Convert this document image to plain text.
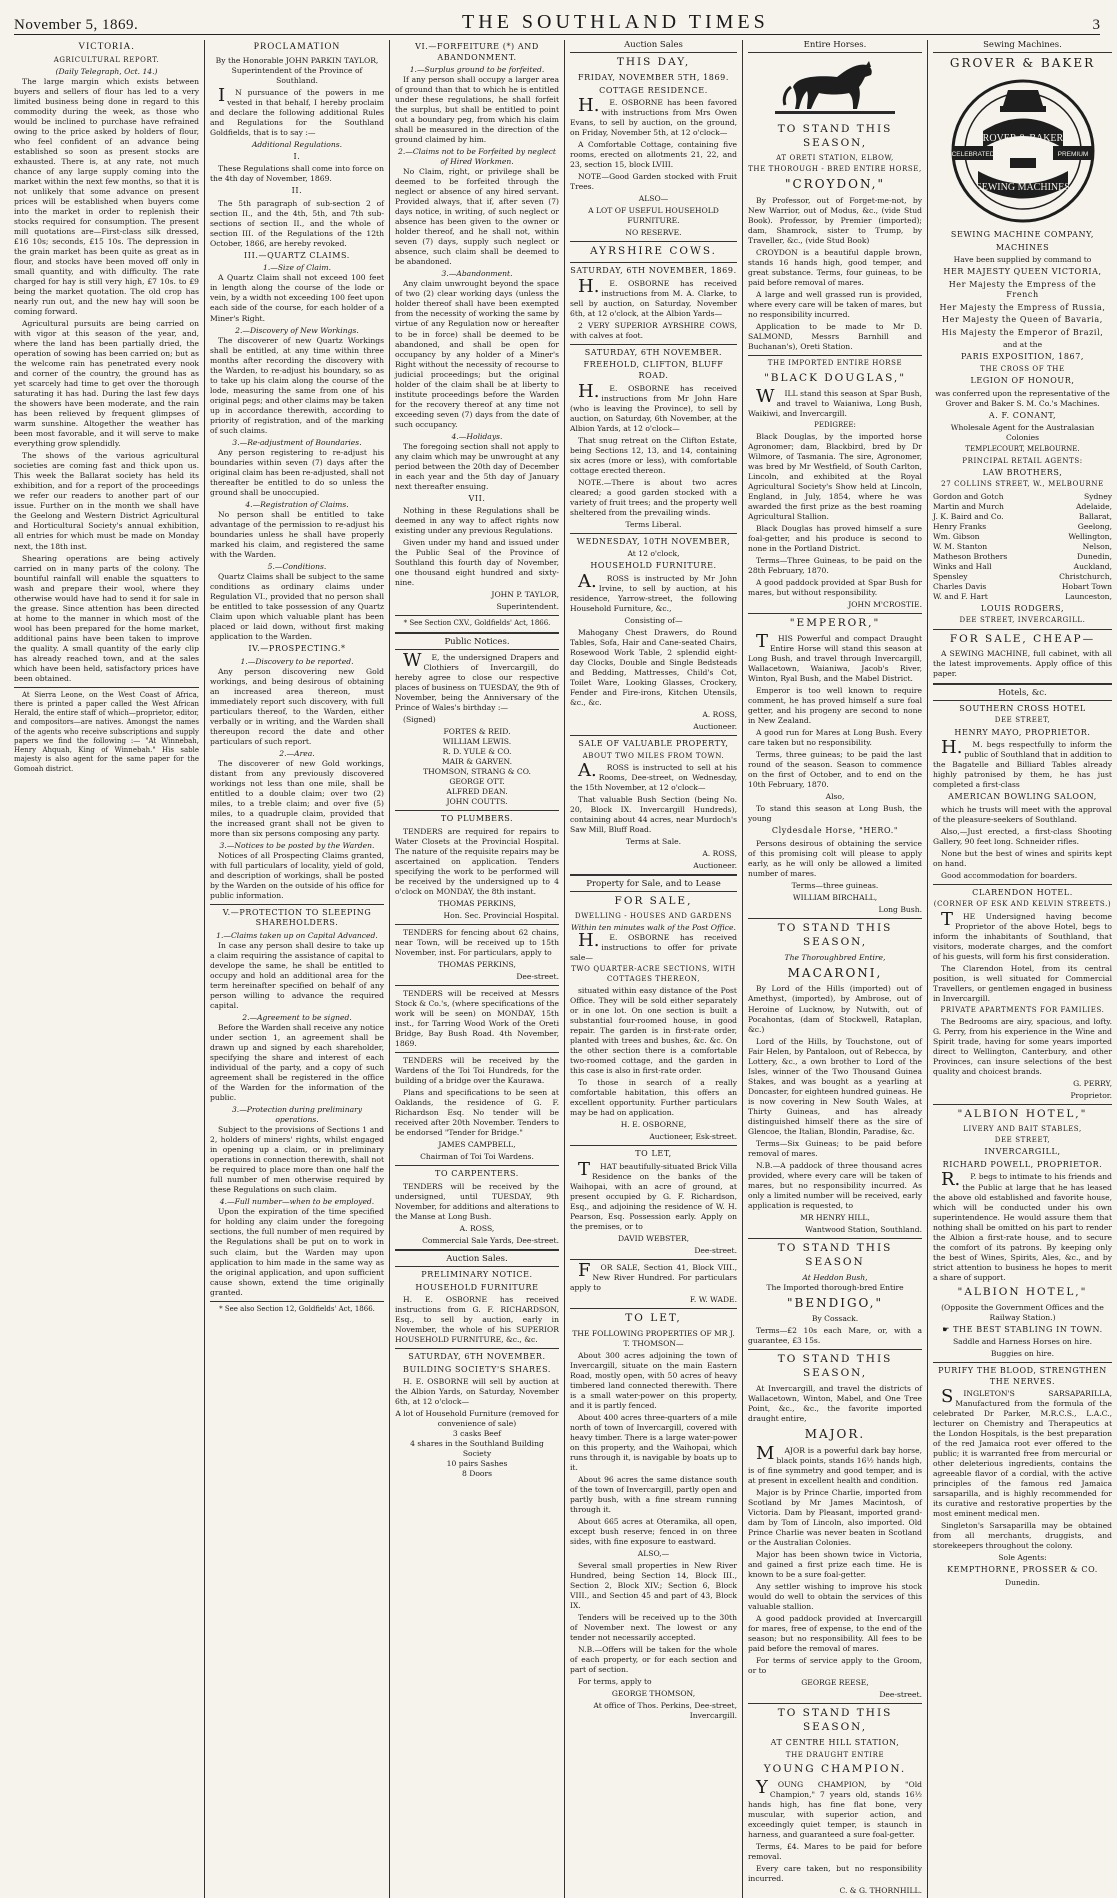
November 5, 1869.	THE SOUTHLAND TIMES	3
VICTORIA.
AGRICULTURAL REPORT.
(Daily Telegraph, Oct. 14.)

The large margin which exists between buyers and sellers of flour has led to a very limited business being done in regard to this commodity during the week, as those who would be inclined to purchase have refrained owing to the price asked by holders of flour, who feel confident of an advance being established so soon as present stocks are exhausted. There is, at any rate, not much chance of any large supply coming into the market within the next few months, so that it is not unlikely that some advance on present prices will be established when buyers come into the market in order to replenish their stocks required for consumption. The present mill quotations are—First-class silk dressed, £16 10s; seconds, £15 10s. The depression in the grain market has been quite as great as in flour, and stocks have been moved off only in small quantity, and with difficulty. The rate charged for hay is still very high, £7 10s. to £9 being the market quotation. The old crop has nearly run out, and the new hay will soon be coming forward.

Agricultural pursuits are being carried on with vigor at this season of the year, and, where the land has been partially dried, the operation of sowing has been carried on; but as the welcome rain has penetrated every nook and corner of the country, the ground has as yet scarcely had time to get over the thorough saturating it has had. During the last few days the showers have been moderate, and the rain has been relieved by frequent glimpses of warm sunshine. Altogether the weather has been most favorable, and it will serve to make everything grow splendidly.

The shows of the various agricultural societies are coming fast and thick upon us. This week the Ballarat society has held its exhibition, and for a report of the proceedings we refer our readers to another part of our issue. Further on in the month we shall have the Geelong and Western District Agricultural and Horticultural Society's annual exhibition, all entries for which must be made on Monday next, the 18th inst.

Shearing operations are being actively carried on in many parts of the colony. The bountiful rainfall will enable the squatters to wash and prepare their wool, where they otherwise would have had to send it for sale in the grease. Since attention has been directed at home to the manner in which most of the wool has been prepared for the home market, additional pains have been taken to improve the quality. A small quantity of the early clip has already reached town, and at the sales which have been held, satisfactory prices have been obtained.

At Sierra Leone, on the West Coast of Africa, there is printed a paper called the West African Herald, the entire staff of which—proprietor, editor, and compositors—are natives. Amongst the names of the agents who receive subscriptions and supply papers we find the following :— "At Winnebah, Henry Ahquah, King of Winnebah." His sable majesty is also agent for the same paper for the Gomoah district.

PROCLAMATION

By the Honorable JOHN PARKIN TAYLOR, Superintendent of the Province of Southland.

IN pursuance of the powers in me vested in that behalf, I hereby proclaim and declare the following additional Rules and Regulations for the Southland Goldfields, that is to say :—

Additional Regulations.
I.

These Regulations shall come into force on the 4th day of November, 1869.

II.

The 5th paragraph of sub-section 2 of section II., and the 4th, 5th, and 7th sub-sections of section II., and the whole of section III. of the Regulations of the 12th October, 1866, are hereby revoked.

III.—QUARTZ CLAIMS.
1.—Size of Claim.

A Quartz Claim shall not exceed 100 feet in length along the course of the lode or vein, by a width not exceeding 100 feet upon each side of the course, for each holder of a Miner's Right.

2.—Discovery of New Workings.

The discoverer of new Quartz Workings shall be entitled, at any time within three months after recording the discovery with the Warden, to re-adjust his boundary, so as to take up his claim along the course of the lode, measuring the same from one of his original pegs; and other claims may be taken up in accordance therewith, according to priority of registration, and of the marking of such claims.

3.—Re-adjustment of Boundaries.

Any person registering to re-adjust his boundaries within seven (7) days after the original claim has been re-adjusted, shall not thereafter be entitled to do so unless the ground shall be unoccupied.

4.—Registration of Claims.

No person shall be entitled to take advantage of the permission to re-adjust his boundaries unless he shall have properly marked his claim, and registered the same with the Warden.

5.—Conditions.

Quartz Claims shall be subject to the same conditions as ordinary claims under Regulation VI., provided that no person shall be entitled to take possession of any Quartz Claim upon which valuable plant has been placed or laid down, without first making application to the Warden.

IV.—PROSPECTING.*
1.—Discovery to be reported.

Any person discovering new Gold workings, and being desirous of obtaining an increased area thereon, must immediately report such discovery, with full particulars thereof, to the Warden, either verbally or in writing, and the Warden shall thereupon record the date and other particulars of such report.

2.—Area.

The discoverer of new Gold workings, distant from any previously discovered workings not less than one mile, shall be entitled to a double claim; over two (2) miles, to a treble claim; and over five (5) miles, to a quadruple claim, provided that the increased grant shall not be given to more than six persons composing any party.

3.—Notices to be posted by the Warden.

Notices of all Prospecting Claims granted, with full particulars of locality, yield of gold, and description of workings, shall be posted by the Warden on the outside of his office for public information.

V.—PROTECTION TO SLEEPING SHAREHOLDERS.
1.—Claims taken up on Capital Advanced.

In case any person shall desire to take up a claim requiring the assistance of capital to develope the same, he shall be entitled to occupy and hold an additional area for the term hereinafter specified on behalf of any person willing to advance the required capital.

2.—Agreement to be signed.

Before the Warden shall receive any notice under section 1, an agreement shall be drawn up and signed by each shareholder, specifying the share and interest of each individual of the party, and a copy of such agreement shall be registered in the office of the Warden for the information of the public.

3.—Protection during preliminary operations.

Subject to the provisions of Sections 1 and 2, holders of miners' rights, whilst engaged in opening up a claim, or in preliminary operations in connection therewith, shall not be required to place more than one half the full number of men otherwise required by these Regulations on such claim.

4.—Full number—when to be employed.

Upon the expiration of the time specified for holding any claim under the foregoing sections, the full number of men required by the Regulations shall be put on to work in such claim, but the Warden may upon application to him made in the same way as the original application, and upon sufficient cause shown, extend the time originally granted.

* See also Section 12, Goldfields' Act, 1866.

VI.—FORFEITURE (*) AND ABANDONMENT.
1.—Surplus ground to be forfeited.

If any person shall occupy a larger area of ground than that to which he is entitled under these regulations, he shall forfeit the surplus, but shall be entitled to point out a boundary peg, from which his claim shall be measured in the direction of the ground claimed by him.

2.—Claims not to be Forfeited by neglect of Hired Workmen.

No Claim, right, or privilege shall be deemed to be forfeited through the neglect or absence of any hired servant. Provided always, that if, after seven (7) days notice, in writing, of such neglect or absence has been given to the owner or holder thereof, and he shall not, within seven (7) days, supply such neglect or absence, such claim shall be deemed to be abandoned.

3.—Abandonment.

Any claim unwrought beyond the space of two (2) clear working days (unless the holder thereof shall have been exempted from the necessity of working the same by virtue of any Regulation now or hereafter to be in force) shall be deemed to be abandoned, and shall be open for occupancy by any holder of a Miner's Right without the necessity of recourse to judicial proceedings; but the original holder of the claim shall be at liberty to institute proceedings before the Warden for the recovery thereof at any time not exceeding seven (7) days from the date of such occupancy.

4.—Holidays.

The foregoing section shall not apply to any claim which may be unwrought at any period between the 20th day of December in each year and the 5th day of January next thereafter ensuing.

VII.

Nothing in these Regulations shall be deemed in any way to affect rights now existing under any previous Regulations.

Given under my hand and issued under the Public Seal of the Province of Southland this fourth day of November, one thousand eight hundred and sixty-nine.

JOHN P. TAYLOR,

Superintendent.

* See Section CXV., Goldfields' Act, 1866.

Public Notices.

WE, the undersigned Drapers and Clothiers of Invercargill, do hereby agree to close our respective places of business on TUESDAY, the 9th of November, being the Anniversary of the Prince of Wales's birthday :—

(Signed)

FORTES & REID.
WILLIAM LEWIS.
R. D. YULE & CO.
MAIR & GARVEN.
THOMSON, STRANG & CO.
GEORGE OTT.
ALFRED DEAN.
JOHN COUTTS.
TO PLUMBERS.

TENDERS are required for repairs to Water Closets at the Provincial Hospital. The nature of the requisite repairs may be ascertained on application. Tenders specifying the work to be performed will be received by the undersigned up to 4 o'clock on MONDAY, the 8th instant.

THOMAS PERKINS,

Hon. Sec. Provincial Hospital.

TENDERS for fencing about 62 chains, near Town, will be received up to 15th November, inst. For particulars, apply to

THOMAS PERKINS,

Dee-street.

TENDERS will be received at Messrs Stock & Co.'s, (where specifications of the work will be seen) on MONDAY, 15th inst., for Tarring Wood Work of the Oreti Bridge, Bay Bush Road. 4th November, 1869.

TENDERS will be received by the Wardens of the Toi Toi Hundreds, for the building of a bridge over the Kaurawa.

Plans and specifications to be seen at Oaklands, the residence of G. F. Richardson Esq. No tender will be received after 20th November. Tenders to be endorsed "Tender for Bridge."

JAMES CAMPBELL,

Chairman of Toi Toi Wardens.

TO CARPENTERS.

TENDERS will be received by the undersigned, until TUESDAY, 9th November, for additions and alterations to the Manse at Long Bush.

A. ROSS,

Commercial Sale Yards, Dee-street.

Auction Sales.
PRELIMINARY NOTICE.
HOUSEHOLD FURNITURE

H. E. OSBORNE has received instructions from G. F. RICHARDSON, Esq., to sell by auction, early in November, the whole of his SUPERIOR HOUSEHOLD FURNITURE, &c., &c.

SATURDAY, 6TH NOVEMBER.
BUILDING SOCIETY'S SHARES.

H. E. OSBORNE will sell by auction at the Albion Yards, on Saturday, November 6th, at 12 o'clock—

A lot of Household Furniture (removed for convenience of sale)
3 casks Beef
4 shares in the Southland Building Society
10 pairs Sashes
8 Doors
Auction Sales
THIS DAY,
FRIDAY, NOVEMBER 5TH, 1869.
COTTAGE RESIDENCE.

H.E. OSBORNE has been favored with instructions from Mrs Owen Evans, to sell by auction, on the ground, on Friday, November 5th, at 12 o'clock—

A Comfortable Cottage, containing five rooms, erected on allotments 21, 22, and 23, section 15, block LVIII.

NOTE—Good Garden stocked with Fruit Trees.

ALSO—

A LOT OF USEFUL HOUSEHOLD FURNITURE.

NO RESERVE.

AYRSHIRE COWS.
SATURDAY, 6TH NOVEMBER, 1869.

H.E. OSBORNE has received instructions from M. A. Clarke, to sell by auction, on Saturday, November 6th, at 12 o'clock, at the Albion Yards—

2 VERY SUPERIOR AYRSHIRE COWS, with calves at foot.

SATURDAY, 6TH NOVEMBER.
FREEHOLD, CLIFTON, BLUFF ROAD.

H.E. OSBORNE has received instructions from Mr John Hare (who is leaving the Province), to sell by auction, on Saturday, 6th November, at the Albion Yards, at 12 o'clock—

That snug retreat on the Clifton Estate, being Sections 12, 13, and 14, containing six acres (more or less), with comfortable cottage erected thereon.

NOTE.—There is about two acres cleared; a good garden stocked with a variety of fruit trees; and the property well sheltered from the prevailing winds.

Terms Liberal.

WEDNESDAY, 10TH NOVEMBER,

At 12 o'clock,

HOUSEHOLD FURNITURE.

A.ROSS is instructed by Mr John Irvine, to sell by auction, at his residence, Yarrow-street, the following Household Furniture, &c.,

Consisting of—

Mahogany Chest Drawers, do Round Tables, Sofa, Hair and Cane-seated Chairs, Rosewood Work Table, 2 splendid eight-day Clocks, Double and Single Bedsteads and Bedding, Mattresses, Child's Cot, Toilet Ware, Looking Glasses, Crockery, Fender and Fire-irons, Kitchen Utensils, &c., &c.

A. ROSS,

Auctioneer.

SALE OF VALUABLE PROPERTY,
ABOUT TWO MILES FROM TOWN.

A.ROSS is instructed to sell at his Rooms, Dee-street, on Wednesday, the 15th November, at 12 o'clock—

That valuable Bush Section (being No. 20, Block IX. Invercargill Hundreds), containing about 44 acres, near Murdoch's Saw Mill, Bluff Road.

Terms at Sale.

A. ROSS,

Auctioneer.

Property for Sale, and to Lease
FOR SALE,
DWELLING - HOUSES AND GARDENS
Within ten minutes walk of the Post Office.

H.E. OSBORNE has received instructions to offer for private sale—

TWO QUARTER-ACRE SECTIONS, WITH COTTAGES THEREON,

situated within easy distance of the Post Office. They will be sold either separately or in one lot. On one section is built a substantial four-roomed house, in good repair. The garden is in first-rate order, planted with trees and bushes, &c. &c. On the other section there is a comfortable two-roomed cottage, and the garden in this case is also in first-rate order.

To those in search of a really comfortable habitation, this offers an excellent opportunity. Further particulars may be had on application.

H. E. OSBORNE,

Auctioneer, Esk-street.

TO LET,

THAT beautifully-situated Brick Villa Residence on the banks of the Waihopai, with an acre of ground, at present occupied by G. F. Richardson, Esq., and adjoining the residence of W. H. Pearson, Esq. Possession early. Apply on the premises, or to

DAVID WEBSTER,

Dee-street.

FOR SALE, Section 41, Block VIII., New River Hundred. For particulars apply to

F. W. WADE.

TO LET,

THE FOLLOWING PROPERTIES OF MR J. T. THOMSON—

About 300 acres adjoining the town of Invercargill, situate on the main Eastern Road, mostly open, with 50 acres of heavy timbered land connected therewith. There is a small water-power on this property, and it is partly fenced.

About 400 acres three-quarters of a mile north of town of Invercargill, covered with heavy timber. There is a large water-power on this property, and the Waihopai, which runs through it, is navigable by boats up to it.

About 96 acres the same distance south of the town of Invercargill, partly open and partly bush, with a fine stream running through it.

About 665 acres at Oteramika, all open, except bush reserve; fenced in on three sides, with fine exposure to eastward.

ALSO,—

Several small properties in New River Hundred, being Section 14, Block III., Section 2, Block XIV.; Section 6, Block VIII., and Section 45 and part of 43, Block IX.

Tenders will be received up to the 30th of November next. The lowest or any tender not necessarily accepted.

N.B.—Offers will be taken for the whole of each property, or for each section and part of section.

For terms, apply to

GEORGE THOMSON,

At office of Thos. Perkins, Dee-street, Invercargill.

Entire Horses.
TO STAND THIS SEASON,
AT ORETI STATION, ELBOW,
THE THOROUGH - BRED ENTIRE HORSE,
"CROYDON,"

By Professor, out of Forget-me-not, by New Warrior, out of Modus, &c., (vide Stud Book). Professor, by Premier (imported); dam, Shamrock, sister to Trump, by Traveller, &c., (vide Stud Book)

CROYDON is a beautiful dapple brown, stands 16 hands high, good temper, and great substance. Terms, four guineas, to be paid before removal of mares.

A large and well grassed run is provided, where every care will be taken of mares, but no responsibility incurred.

Application to be made to Mr D. SALMOND, Messrs Barnhill and Buchanan's), Oreti Station.

THE IMPORTED ENTIRE HORSE
"BLACK DOUGLAS,"

WILL stand this season at Spar Bush, and travel to Waianiwa, Long Bush, Waikiwi, and Invercargill.

PEDIGREE:

Black Douglas, by the imported horse Agronomer; dam, Blackbird, bred by Dr Wilmore, of Tasmania. The sire, Agronomer, was bred by Mr Westfield, of South Carlton, Lincoln, and exhibited at the Royal Agricultural Society's Show held at Lincoln, England, in July, 1854, where he was awarded the first prize as the best roaming Agricultural Stallion.

Black Douglas has proved himself a sure foal-getter, and his produce is second to none in the Portland District.

Terms—Three Guineas, to be paid on the 28th February, 1870.

A good paddock provided at Spar Bush for mares, but without responsibility.

JOHN M'CROSTIE.

"EMPEROR,"

THIS Powerful and compact Draught Entire Horse will stand this season at Long Bush, and travel through Invercargill, Wallacetown, Waianiwa, Jacob's River, Winton, Ryal Bush, and the Mabel District.

Emperor is too well known to require comment, he has proved himself a sure foal getter, and his progeny are second to none in New Zealand.

A good run for Mares at Long Bush. Every care taken but no responsibility.

Terms, three guineas; to be paid the last round of the season. Season to commence on the first of October, and to end on the 10th February, 1870.

Also,

To stand this season at Long Bush, the young

Clydesdale Horse, "HERO."

Persons desirous of obtaining the service of this promising colt will please to apply early, as he will only be allowed a limited number of mares.

Terms—three guineas.

WILLIAM BIRCHALL,

Long Bush.

TO STAND THIS SEASON,
The Thoroughbred Entire,
MACARONI,

By Lord of the Hills (imported) out of Amethyst, (imported), by Ambrose, out of Heroine of Lucknow, by Nutwith, out of Pocahontas, (dam of Stockwell, Rataplan, &c.)

Lord of the Hills, by Touchstone, out of Fair Helen, by Pantaloon, out of Rebecca, by Lottery, &c., a own brother to Lord of the Isles, winner of the Two Thousand Guinea Stakes, and was bought as a yearling at Doncaster, for eighteen hundred guineas. He is now covering in New South Wales, at Thirty Guineas, and has already distinguished himself there as the sire of Glencoe, the Italian, Blondin, Paradise, &c.

Terms—Six Guineas; to be paid before removal of mares.

N.B.—A paddock of three thousand acres provided, where every care will be taken of mares, but no responsibility incurred. As only a limited number will be received, early application is requested, to

MR HENRY HILL,

Wantwood Station, Southland.

TO STAND THIS SEASON
At Heddon Bush,

The Imported thorough-bred Entire

"BENDIGO,"

By Cossack.

Terms—£2 10s each Mare, or, with a guarantee, £3 15s.

TO STAND THIS SEASON,

At Invercargill, and travel the districts of Wallacetown, Winton, Mabel, and One Tree Point, &c., &c., the favorite imported draught entire,

MAJOR.

MAJOR is a powerful dark bay horse, black points, stands 16½ hands high, is of fine symmetry and good temper, and is at present in excellent health and condition.

Major is by Prince Charlie, imported from Scotland by Mr James Macintosh, of Victoria. Dam by Pleasant, imported grand-dam by Tom of Lincoln, also imported. Old Prince Charlie was never beaten in Scotland or the Australian Colonies.

Major has been shown twice in Victoria, and gained a first prize each time. He is known to be a sure foal-getter.

Any settler wishing to improve his stock would do well to obtain the services of this valuable stallion.

A good paddock provided at Invercargill for mares, free of expense, to the end of the season; but no responsibility. All fees to be paid before the removal of mares.

For terms of service apply to the Groom, or to

GEORGE REESE,

Dee-street.

TO STAND THIS SEASON,
AT CENTRE HILL STATION,
THE DRAUGHT ENTIRE
YOUNG CHAMPION.

YOUNG CHAMPION, by "Old Champion," 7 years old, stands 16½ hands high, has fine flat bone, very muscular, with superior action, and exceedingly quiet temper, is staunch in harness, and guaranteed a sure foal-getter.

Terms, £4. Mares to be paid for before removal.

Every care taken, but no responsibility incurred.

C. & G. THORNHILL.

Sewing Machines.
GROVER & BAKER
GROVER & BAKER'S
CELEBRATED	PREMIUM
SEWING MACHINES
SEWING MACHINE COMPANY,
MACHINES

Have been supplied by command to

HER MAJESTY QUEEN VICTORIA,
Her Majesty the Empress of the French
Her Majesty the Empress of Russia,
Her Majesty the Queen of Bavaria,
His Majesty the Emperor of Brazil,

and at the

PARIS EXPOSITION, 1867,
THE CROSS OF THE
LEGION OF HONOUR,

was conferred upon the representative of the Grover and Baker S. M. Co.'s Machines.

A. F. CONANT,

Wholesale Agent for the Australasian Colonies

TEMPLECOURT, MELBOURNE.

PRINCIPAL RETAIL AGENTS:
LAW BROTHERS,
27 COLLINS STREET, W., MELBOURNE
Gordon and Gotch	Sydney
Martin and Murch	Adelaide,
J. K. Baird and Co.	Ballarat,
Henry Franks	Geelong,
Wm. Gibson	Wellington,
W. M. Stanton	Nelson,
Matheson Brothers	Dunedin,
Winks and Hall	Auckland,
Spensley	Christchurch,
Charles Davis	Hobart Town
W. and F. Hart	Launceston,
LOUIS RODGERS,
DEE STREET, INVERCARGILL.
FOR SALE, CHEAP—

A SEWING MACHINE, full cabinet, with all the latest improvements. Apply office of this paper.

Hotels, &c.
SOUTHERN CROSS HOTEL
DEE STREET,
HENRY MAYO, PROPRIETOR.

H.M. begs respectfully to inform the public of Southland that in addition to the Bagatelle and Billiard Tables already highly patronised by them, he has just completed a first-class

AMERICAN BOWLING SALOON,

which he trusts will meet with the approval of the pleasure-seekers of Southland.

Also,—Just erected, a first-class Shooting Gallery, 90 feet long. Schneider rifles.

None but the best of wines and spirits kept on hand.

Good accommodation for boarders.

CLARENDON HOTEL.
(CORNER OF ESK AND KELVIN STREETS.)

THE Undersigned having become Proprietor of the above Hotel, begs to inform the inhabitants of Southland, that visitors, moderate charges, and the comfort of his guests, will form his first consideration.

The Clarendon Hotel, from its central position, is well situated for Commercial Travellers, or gentlemen engaged in business in Invercargill.

PRIVATE APARTMENTS FOR FAMILIES.

The Bedrooms are airy, spacious, and lofty. G. Perry, from his experience in the Wine and Spirit trade, having for some years imported direct to Wellington, Canterbury, and other Provinces, can insure selections of the best quality and choicest brands.

G. PERRY,

Proprietor.

"ALBION HOTEL,"
LIVERY AND BAIT STABLES,
DEE STREET,
INVERCARGILL,
RICHARD POWELL, PROPRIETOR.

R.P. begs to intimate to his friends and the Public at large that he has leased the above old established and favorite house, which will be conducted under his own superintendence. He would assure them that nothing shall be omitted on his part to render the Albion a first-rate house, and to secure the comfort of its patrons. By keeping only the best of Wines, Spirits, Ales, &c., and by strict attention to business he hopes to merit a share of support.

"ALBION HOTEL,"

(Opposite the Government Offices and the Railway Station.)

☛ THE BEST STABLING IN TOWN.

Saddle and Harness Horses on hire.

Buggies on hire.

PURIFY THE BLOOD, STRENGTHEN THE NERVES.

SINGLETON'S SARSAPARILLA, Manufactured from the formula of the celebrated Dr Parker, M.R.C.S., L.A.C., lecturer on Chemistry and Therapeutics at the London Hospitals, is the best preparation of the red Jamaica root ever offered to the public; it is warranted free from mercurial or other deleterious ingredients, contains the agreeable flavor of a cordial, with the active principles of the famous red Jamaica sarsaparilla, and is highly recommended for its curative and restorative properties by the most eminent medical men.

Singleton's Sarsaparilla may be obtained from all merchants, druggists, and storekeepers throughout the colony.

Sole Agents:

KEMPTHORNE, PROSSER & CO.

Dunedin.
